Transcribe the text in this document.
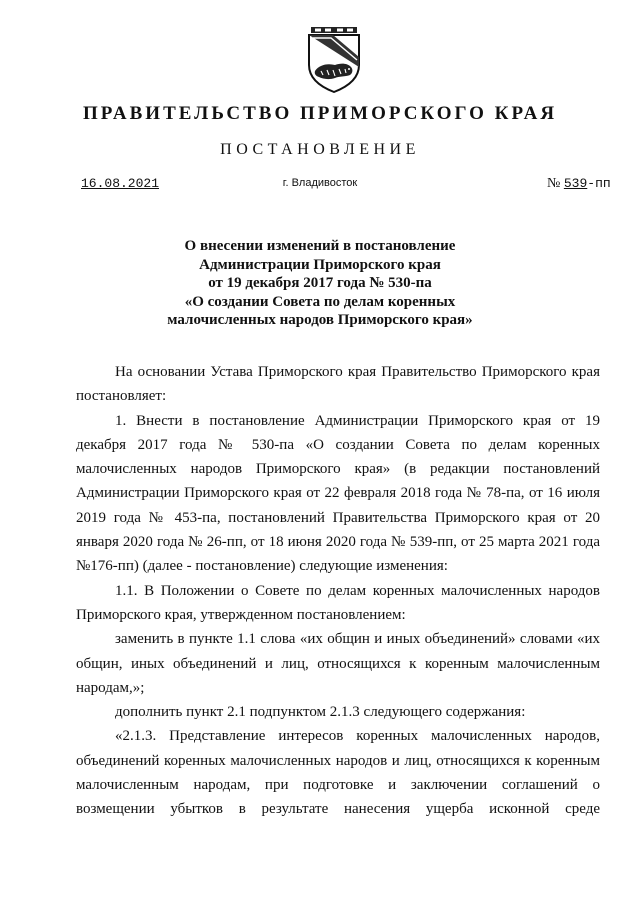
ПРАВИТЕЛЬСТВО ПРИМОРСКОГО КРАЯ
ПОСТАНОВЛЕНИЕ
16.08.2021	г. Владивосток	№ 539-пп
О внесении изменений в постановление
Администрации Приморского края
от 19 декабря 2017 года № 530-па
«О создании Совета по делам коренных
малочисленных народов Приморского края»

На основании Устава Приморского края Правительство Приморского края постановляет:

1. Внести в постановление Администрации Приморского края от 19 декабря 2017 года № 530-па «О создании Совета по делам коренных малочисленных народов Приморского края» (в редакции постановлений Администрации Приморского края от 22 февраля 2018 года № 78-па, от 16 июля 2019 года № 453-па, постановлений Правительства Приморского края от 20 января 2020 года № 26-пп, от 18 июня 2020 года № 539-пп, от 25 марта 2021 года №176-пп) (далее - постановление) следующие изменения:

1.1. В Положении о Совете по делам коренных малочисленных народов Приморского края, утвержденном постановлением:

заменить в пункте 1.1 слова «их общин и иных объединений» словами «их общин, иных объединений и лиц, относящихся к коренным малочисленным народам,»;

дополнить пункт 2.1 подпунктом 2.1.3 следующего содержания:

«2.1.3. Представление интересов коренных малочисленных народов, объединений коренных малочисленных народов и лиц, относящихся к коренным малочисленным народам, при подготовке и заключении соглашений о возмещении убытков в результате нанесения ущерба исконной среде
